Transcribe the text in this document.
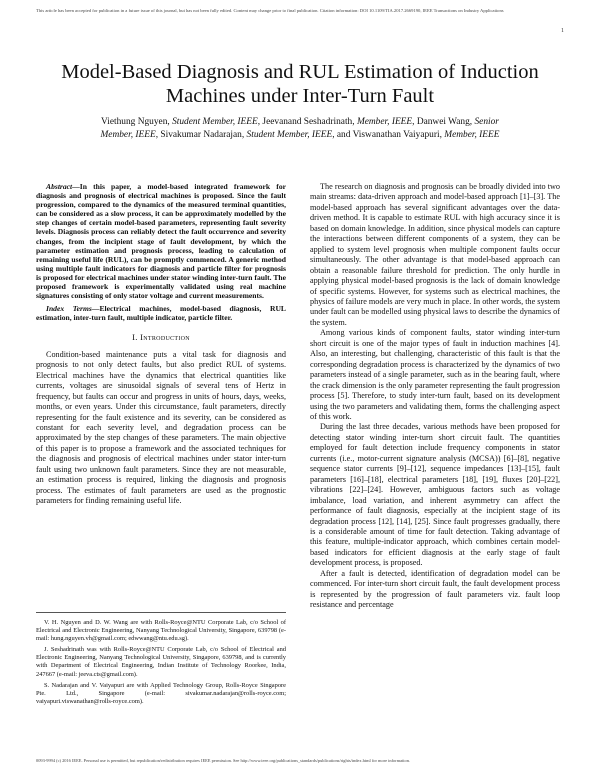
This article has been accepted for publication in a future issue of this journal, but has not been fully edited. Content may change prior to final publication. Citation information: DOI 10.1109/TIA.2017.2669190, IEEE Transactions on Industry Applications
1
Model-Based Diagnosis and RUL Estimation of Induction Machines under Inter-Turn Fault
Viethung Nguyen, Student Member, IEEE, Jeevanand Seshadrinath, Member, IEEE, Danwei Wang, Senior
Member, IEEE, Sivakumar Nadarajan, Student Member, IEEE, and Viswanathan Vaiyapuri, Member, IEEE

Abstract—In this paper, a model-based integrated framework for diagnosis and prognosis of electrical machines is proposed. Since the fault progression, compared to the dynamics of the measured terminal quantities, can be considered as a slow process, it can be approximately modelled by the step changes of certain model-based parameters, representing fault severity levels. Diagnosis process can reliably detect the fault occurrence and severity changes, from the incipient stage of fault development, by which the parameter estimation and prognosis process, leading to calculation of remaining useful life (RUL), can be promptly commenced. A generic method using multiple fault indicators for diagnosis and particle filter for prognosis is proposed for electrical machines under stator winding inter-turn fault. The proposed framework is experimentally validated using real machine signatures consisting of only stator voltage and current measurements.

Index Terms—Electrical machines, model-based diagnosis, RUL estimation, inter-turn fault, multiple indicator, particle filter.

I. Introduction

Condition-based maintenance puts a vital task for diagnosis and prognosis to not only detect faults, but also predict RUL of systems. Electrical machines have the dynamics that electrical quantities like currents, voltages are sinusoidal signals of several tens of Hertz in frequency, but faults can occur and progress in units of hours, days, weeks, months, or even years. Under this circumstance, fault parameters, directly representing for the fault existence and its severity, can be considered as constant for each severity level, and degradation process can be approximated by the step changes of these parameters. The main objective of this paper is to propose a framework and the associated techniques for the diagnosis and prognosis of electrical machines under stator inter-turn fault using two unknown fault parameters. Since they are not measurable, an estimation process is required, linking the diagnosis and prognosis process. The estimates of fault parameters are used as the prognostic parameters for finding remaining useful life.

V. H. Nguyen and D. W. Wang are with Rolls-Royce@NTU Corporate Lab, c/o School of Electrical and Electronic Engineering, Nanyang Technological University, Singapore, 639798 (e-mail: hung.nguyen.vh@gmail.com; edwwang@ntu.edu.sg).

J. Seshadrinath was with Rolls-Royce@NTU Corporate Lab, c/o School of Electrical and Electronic Engineering, Nanyang Technological University, Singapore, 639798, and is currently with Department of Electrical Engineering, Indian Institute of Technology Roorkee, India, 247667 (e-mail: jeeva.cts@gmail.com).

S. Nadarajan and V. Vaiyapuri are with Applied Technology Group, Rolls-Royce Singapore Pte. Ltd., Singapore (e-mail: sivakumar.nadarajan@rolls-royce.com; vaiyapuri.viswanathan@rolls-royce.com).

The research on diagnosis and prognosis can be broadly divided into two main streams: data-driven approach and model-based approach [1]–[3]. The model-based approach has several significant advantages over the data-driven method. It is capable to estimate RUL with high accuracy since it is based on domain knowledge. In addition, since physical models can capture the interactions between different components of a system, they can be applied to system level prognosis when multiple component faults occur simultaneously. The other advantage is that model-based approach can obtain a reasonable failure threshold for prediction. The only hurdle in applying physical model-based prognosis is the lack of domain knowledge of specific systems. However, for systems such as electrical machines, the physics of failure models are very much in place. In other words, the system under fault can be modelled using physical laws to describe the dynamics of the system.

Among various kinds of component faults, stator winding inter-turn short circuit is one of the major types of fault in induction machines [4]. Also, an interesting, but challenging, characteristic of this fault is that the corresponding degradation process is characterized by the dynamics of two parameters instead of a single parameter, such as in the bearing fault, where the crack dimension is the only parameter representing the fault progression process [5]. Therefore, to study inter-turn fault, based on its development using the two parameters and validating them, forms the challenging aspect of this work.

During the last three decades, various methods have been proposed for detecting stator winding inter-turn short circuit fault. The quantities employed for fault detection include frequency components in stator currents (i.e., motor-current signature analysis (MCSA)) [6]–[8], negative sequence stator currents [9]–[12], sequence impedances [13]–[15], fault parameters [16]–[18], electrical parameters [18], [19], fluxes [20]–[22], vibrations [22]–[24]. However, ambiguous factors such as voltage imbalance, load variation, and inherent asymmetry can affect the performance of fault diagnosis, especially at the incipient stage of its degradation process [12], [14], [25]. Since fault progresses gradually, there is a considerable amount of time for fault detection. Taking advantage of this feature, multiple-indicator approach, which combines certain model-based indicators for efficient diagnosis at the early stage of fault development process, is proposed.

After a fault is detected, identification of degradation model can be commenced. For inter-turn short circuit fault, the fault development process is represented by the progression of fault parameters viz. fault loop resistance and percentage

0093-9994 (c) 2016 IEEE. Personal use is permitted, but republication/redistribution requires IEEE permission. See http://www.ieee.org/publications_standards/publications/rights/index.html for more information.
